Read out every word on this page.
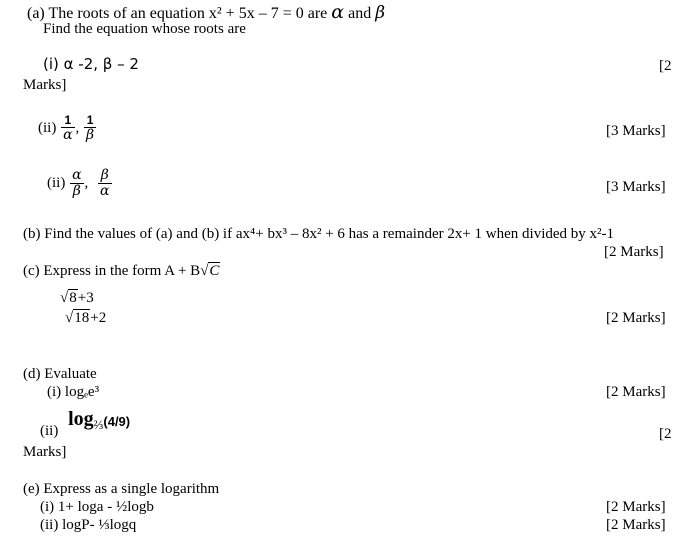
(a) The roots of an equation x² + 5x – 7 = 0 are α and β
Find the equation whose roots are
(i) α -2, β – 2	[2
Marks]
$(ii) \frac{1}{\alpha}$ , $\frac{1}{\beta}$	[3 Marks]
$(ii) \frac{\alpha}{\beta}$ , $\frac{\beta}{\alpha}$	[3 Marks]
(b) Find the values of (a) and (b) if ax⁴+ bx³ – 8x² + 6 has a remainder 2x+ 1 when divided by x²-1
[2 Marks]
(c) Express in the form A + B√C
√8+3
√18+2	[2 Marks]
(d) Evaluate
(i) logₑe³	[2 Marks]
(ii) log⅔(4/9)
[2
Marks]
(e) Express as a single logarithm
(i) 1+ loga - ½logb	[2 Marks]
(ii) logP- ⅓logq	[2 Marks]
